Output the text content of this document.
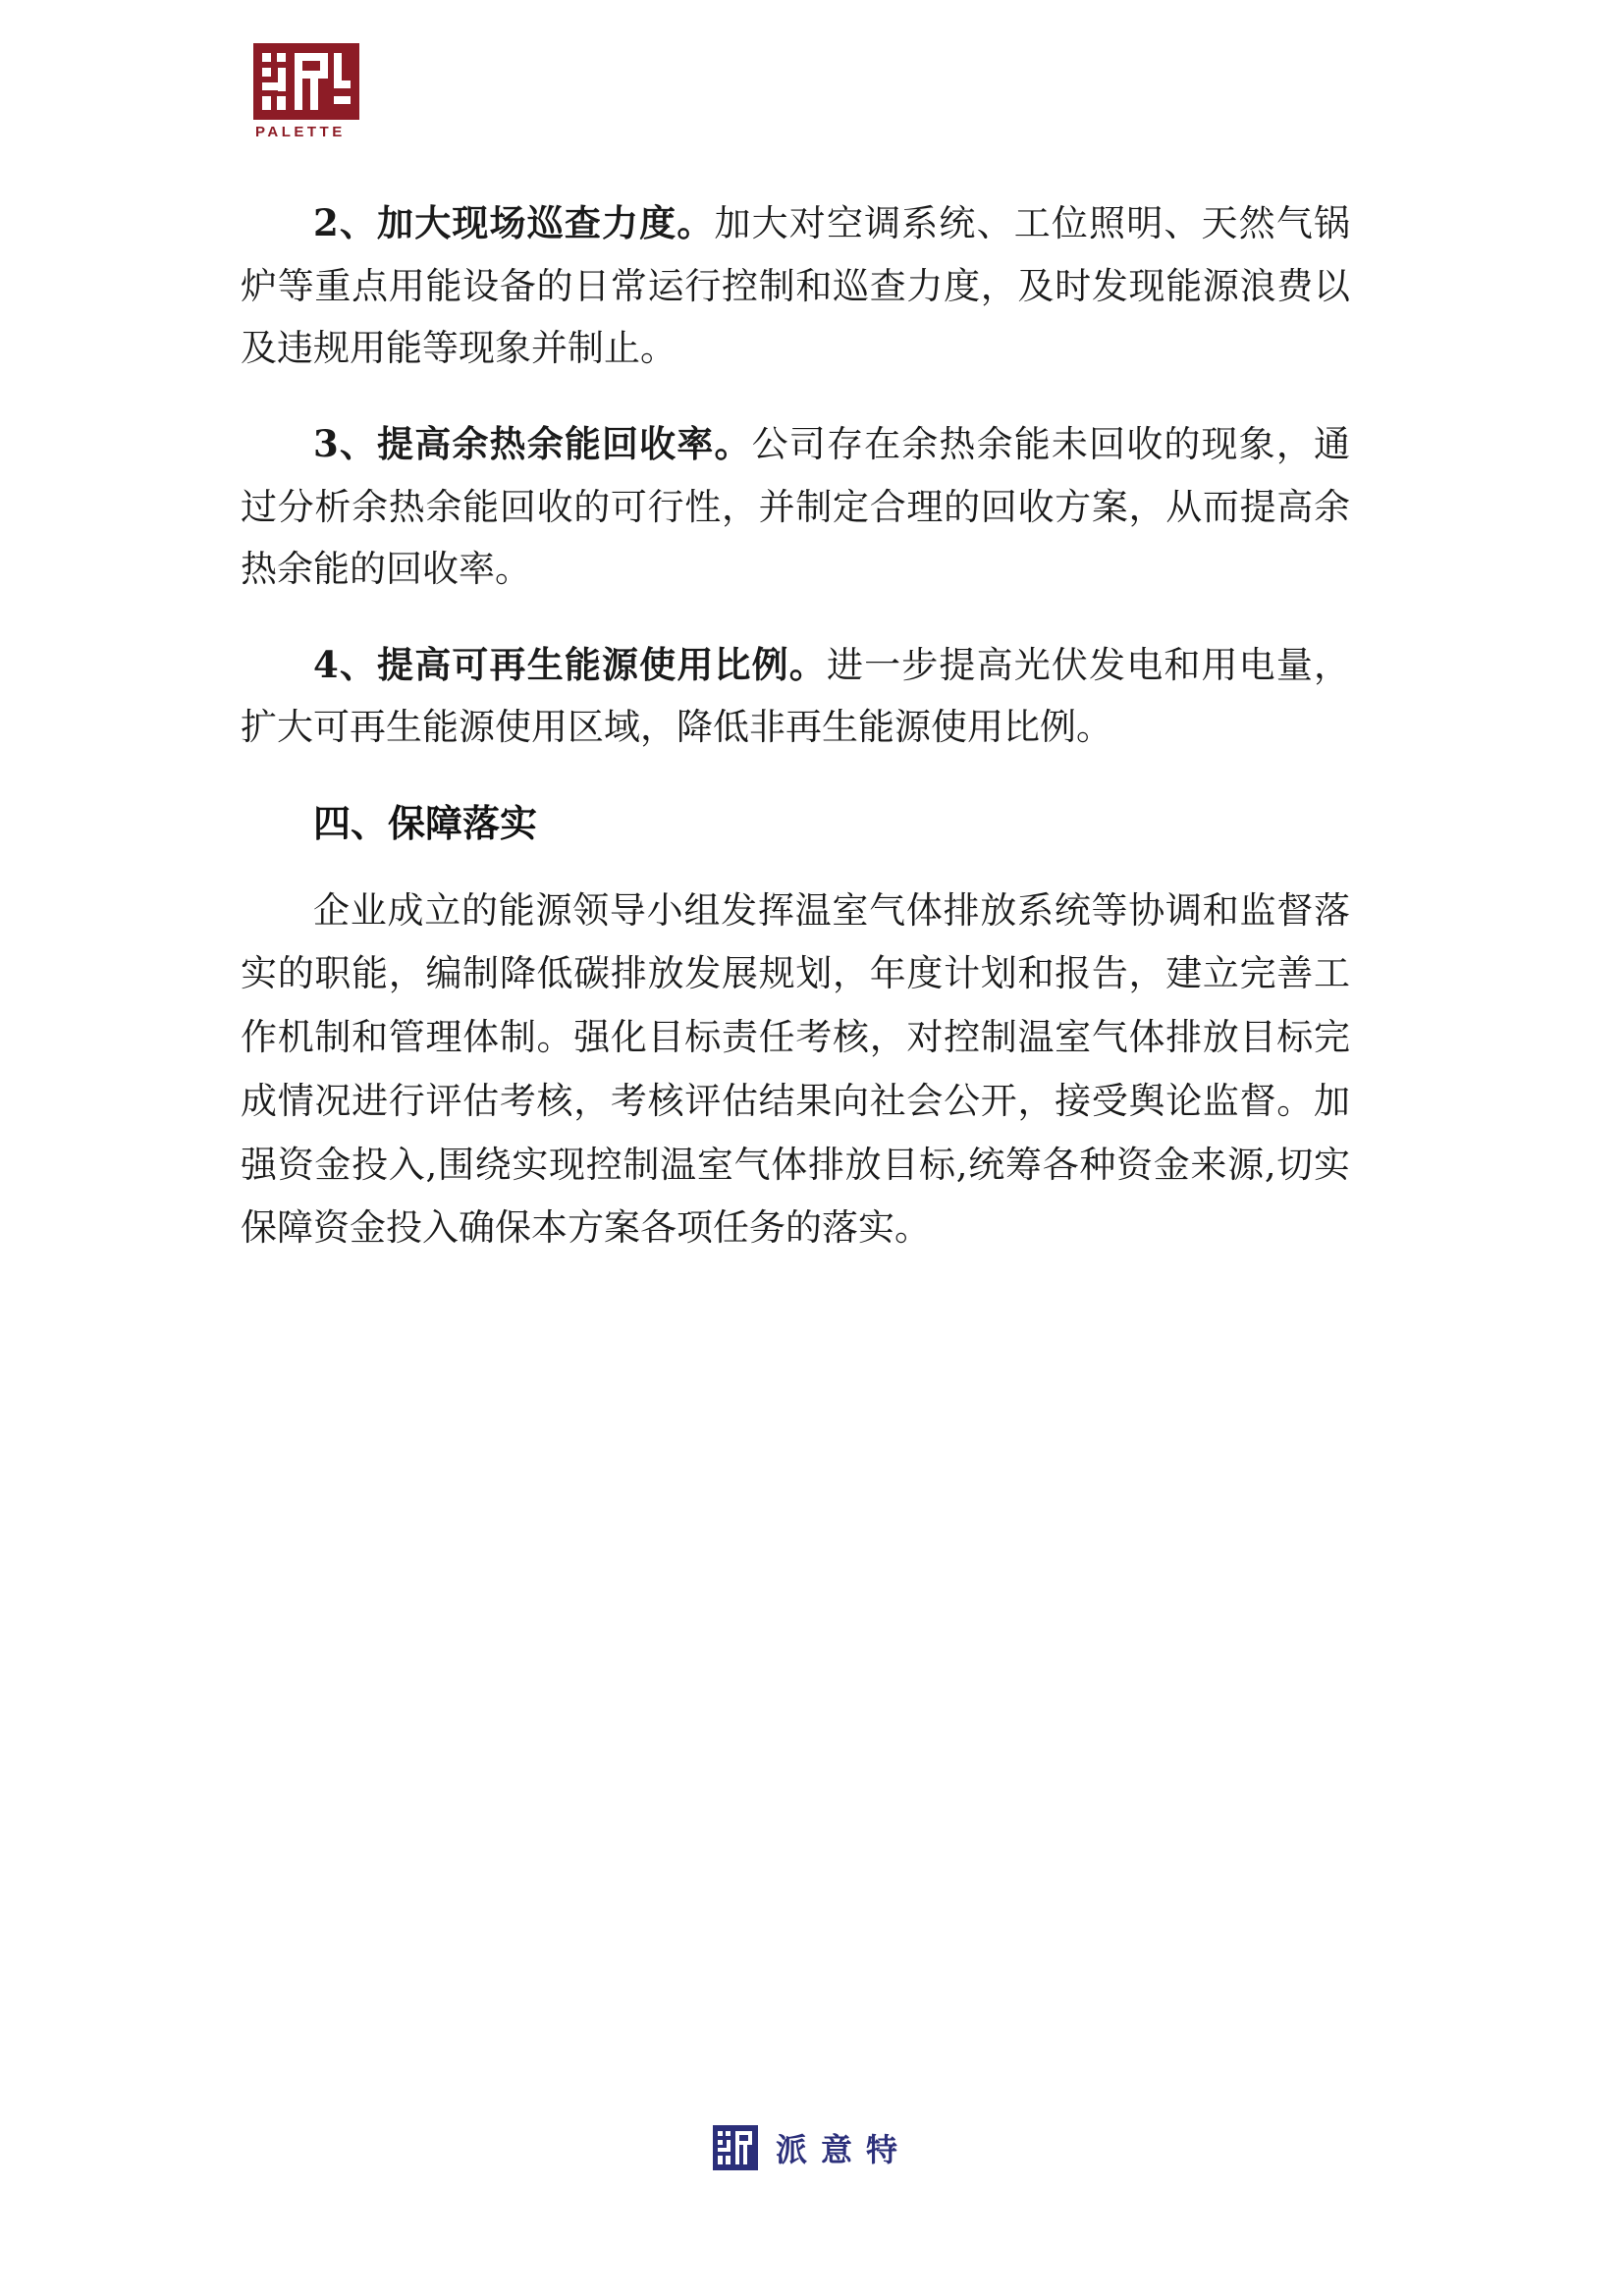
PALETTE

2、加大现场巡查力度。加大对空调系统、工位照明、天然气锅炉等重点用能设备的日常运行控制和巡查力度，及时发现能源浪费以及违规用能等现象并制止。

3、提高余热余能回收率。公司存在余热余能未回收的现象，通过分析余热余能回收的可行性，并制定合理的回收方案，从而提高余热余能的回收率。

4、提高可再生能源使用比例。进一步提高光伏发电和用电量，扩大可再生能源使用区域，降低非再生能源使用比例。

四、保障落实

企业成立的能源领导小组发挥温室气体排放系统等协调和监督落实的职能，编制降低碳排放发展规划，年度计划和报告，建立完善工作机制和管理体制。强化目标责任考核，对控制温室气体排放目标完成情况进行评估考核，考核评估结果向社会公开，接受舆论监督。加强资金投入,围绕实现控制温室气体排放目标,统筹各种资金来源,切实保障资金投入确保本方案各项任务的落实。

派意特
